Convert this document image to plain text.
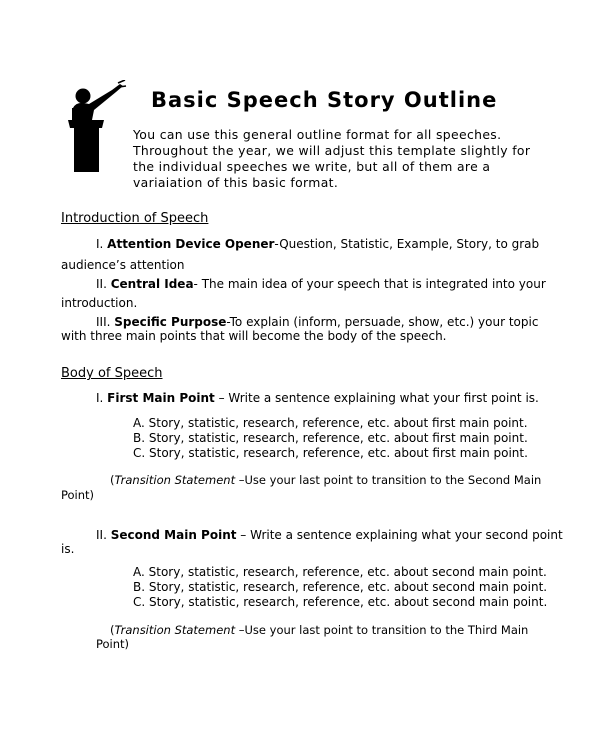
Basic Speech Story Outline
You can use this general outline format for all speeches.
Throughout the year, we will adjust this template slightly for
the individual speeches we write, but all of them are a
variaiation of this basic format.
Introduction of Speech
I. Attention Device Opener-Question, Statistic, Example, Story, to grab
audience’s attention
II. Central Idea- The main idea of your speech that is integrated into your
introduction.
III. Specific Purpose-To explain (inform, persuade, show, etc.) your topic
with three main points that will become the body of the speech.
Body of Speech
I. First Main Point – Write a sentence explaining what your first point is.
A. Story, statistic, research, reference, etc. about first main point.
B. Story, statistic, research, reference, etc. about first main point.
C. Story, statistic, research, reference, etc. about first main point.
(Transition Statement –Use your last point to transition to the Second Main
Point)
II. Second Main Point – Write a sentence explaining what your second point
is.
A. Story, statistic, research, reference, etc. about second main point.
B. Story, statistic, research, reference, etc. about second main point.
C. Story, statistic, research, reference, etc. about second main point.
(Transition Statement –Use your last point to transition to the Third Main
Point)
